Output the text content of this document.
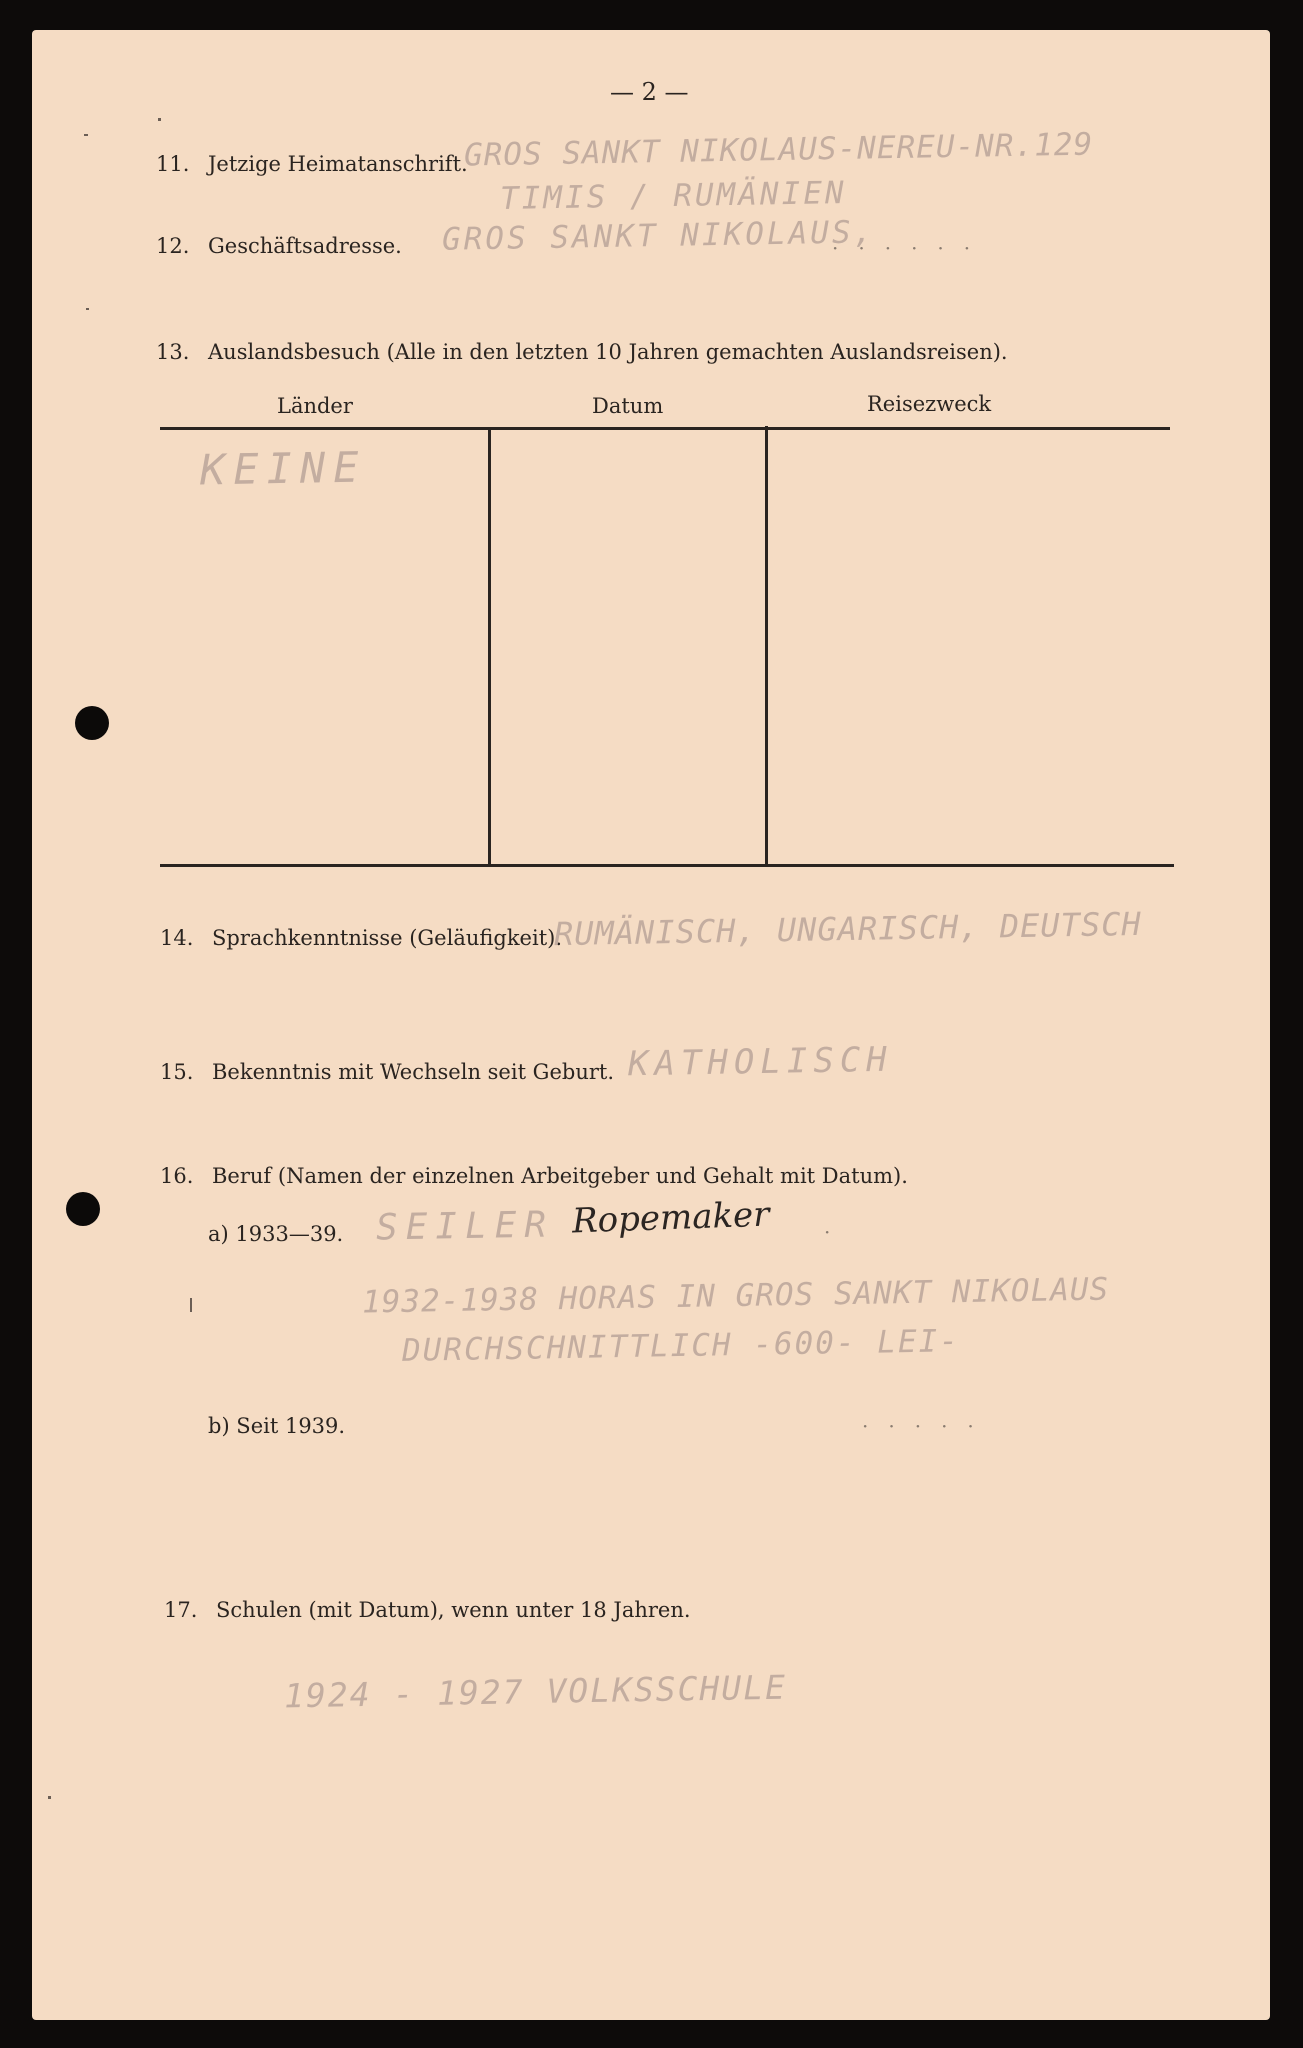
— 2 —
11. Jetzige Heimatanschrift.
GROS SANKT NIKOLAUS-NEREU-NR.129
TIMIS / RUMÄNIEN
12. Geschäftsadresse. GROS SANKT NIKOLAUS,
······
13. Auslandsbesuch (Alle in den letzten 10 Jahren gemachten Auslandsreisen).
Länder	Datum	Reisezweck
KEINE
14. Sprachkenntnisse (Geläufigkeit).
RUMÄNISCH, UNGARISCH, DEUTSCH
15. Bekenntnis mit Wechseln seit Geburt. KATHOLISCH
16. Beruf (Namen der einzelnen Arbeitgeber und Gehalt mit Datum).
a) 1933—39. SEILER Ropemaker	·
1932-1938 HORAS IN GROS SANKT NIKOLAUS
DURCHSCHNITTLICH -600- LEI-
b) Seit 1939.	·····
17. Schulen (mit Datum), wenn unter 18 Jahren.
1924 - 1927 VOLKSSCHULE
